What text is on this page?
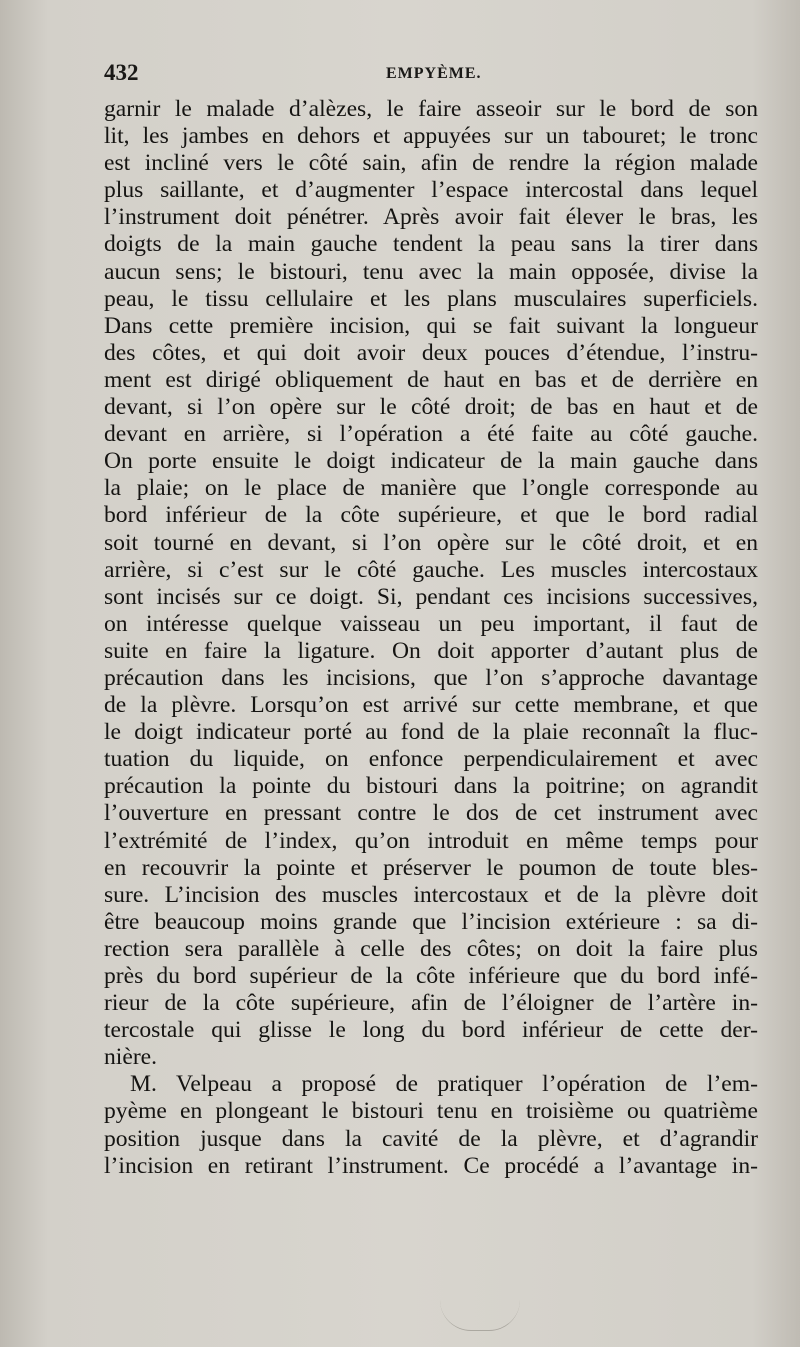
432	EMPYÈME.
garnir le malade d’alèzes, le faire asseoir sur le bord de son
lit, les jambes en dehors et appuyées sur un tabouret; le tronc
est incliné vers le côté sain, afin de rendre la région malade
plus saillante, et d’augmenter l’espace intercostal dans lequel
l’instrument doit pénétrer. Après avoir fait élever le bras, les
doigts de la main gauche tendent la peau sans la tirer dans
aucun sens; le bistouri, tenu avec la main opposée, divise la
peau, le tissu cellulaire et les plans musculaires superficiels.
Dans cette première incision, qui se fait suivant la longueur
des côtes, et qui doit avoir deux pouces d’étendue, l’instru-
ment est dirigé obliquement de haut en bas et de derrière en
devant, si l’on opère sur le côté droit; de bas en haut et de
devant en arrière, si l’opération a été faite au côté gauche.
On porte ensuite le doigt indicateur de la main gauche dans
la plaie; on le place de manière que l’ongle corresponde au
bord inférieur de la côte supérieure, et que le bord radial
soit tourné en devant, si l’on opère sur le côté droit, et en
arrière, si c’est sur le côté gauche. Les muscles intercostaux
sont incisés sur ce doigt. Si, pendant ces incisions successives,
on intéresse quelque vaisseau un peu important, il faut de
suite en faire la ligature. On doit apporter d’autant plus de
précaution dans les incisions, que l’on s’approche davantage
de la plèvre. Lorsqu’on est arrivé sur cette membrane, et que
le doigt indicateur porté au fond de la plaie reconnaît la fluc-
tuation du liquide, on enfonce perpendiculairement et avec
précaution la pointe du bistouri dans la poitrine; on agrandit
l’ouverture en pressant contre le dos de cet instrument avec
l’extrémité de l’index, qu’on introduit en même temps pour
en recouvrir la pointe et préserver le poumon de toute bles-
sure. L’incision des muscles intercostaux et de la plèvre doit
être beaucoup moins grande que l’incision extérieure : sa di-
rection sera parallèle à celle des côtes; on doit la faire plus
près du bord supérieur de la côte inférieure que du bord infé-
rieur de la côte supérieure, afin de l’éloigner de l’artère in-
tercostale qui glisse le long du bord inférieur de cette der-
nière.
M. Velpeau a proposé de pratiquer l’opération de l’em-
pyème en plongeant le bistouri tenu en troisième ou quatrième
position jusque dans la cavité de la plèvre, et d’agrandir
l’incision en retirant l’instrument. Ce procédé a l’avantage in-
